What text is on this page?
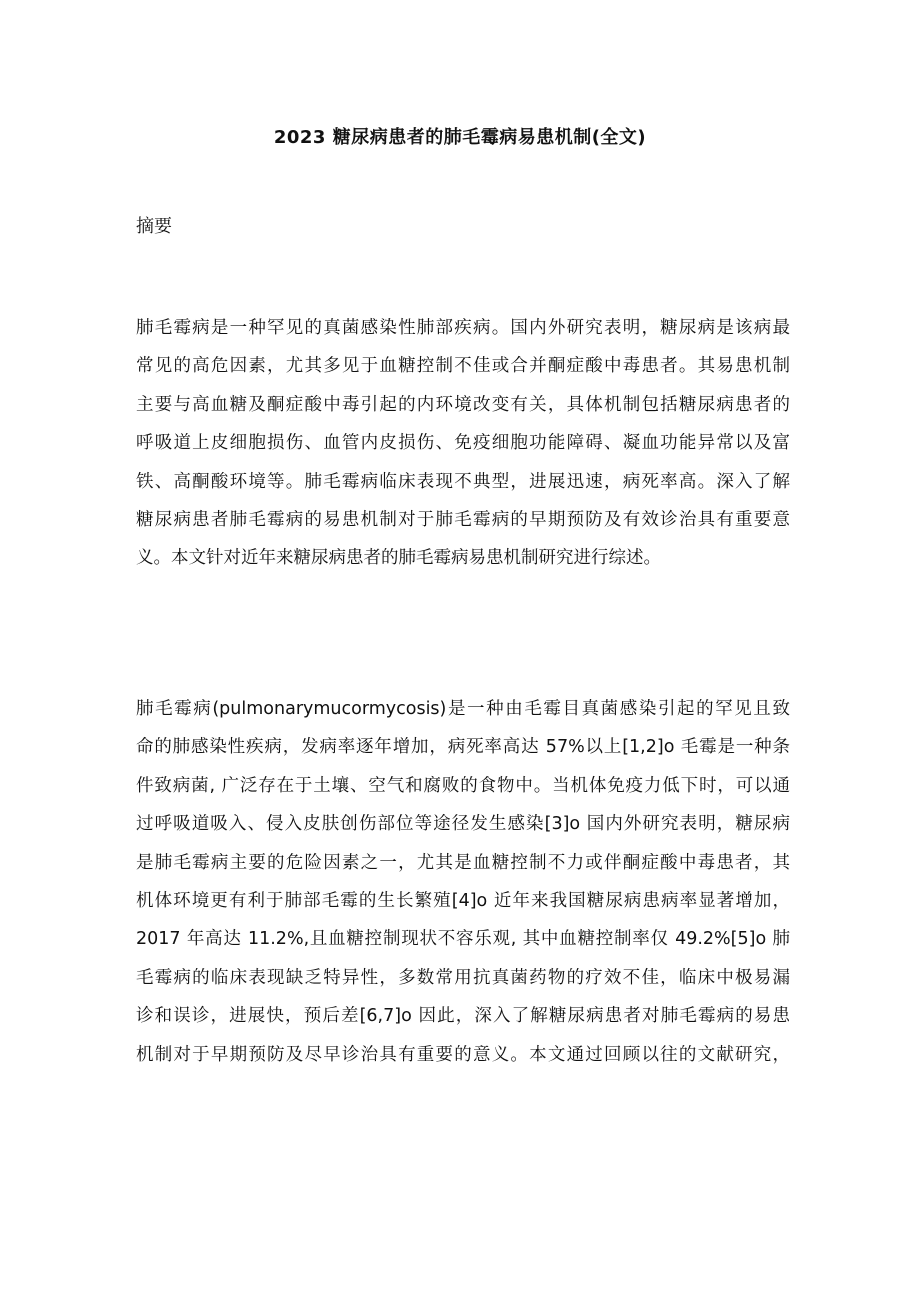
2023 糖尿病患者的肺毛霉病易患机制(全文)
摘要
肺毛霉病是一种罕见的真菌感染性肺部疾病。国内外研究表明，糖尿病是该病最
常见的高危因素，尤其多见于血糖控制不佳或合并酮症酸中毒患者。其易患机制
主要与高血糖及酮症酸中毒引起的内环境改变有关，具体机制包括糖尿病患者的
呼吸道上皮细胞损伤、血管内皮损伤、免疫细胞功能障碍、凝血功能异常以及富
铁、高酮酸环境等。肺毛霉病临床表现不典型，进展迅速，病死率高。深入了解
糖尿病患者肺毛霉病的易患机制对于肺毛霉病的早期预防及有效诊治具有重要意
义。本文针对近年来糖尿病患者的肺毛霉病易患机制研究进行综述。
肺毛霉病(pulmonarymucormycosis)是一种由毛霉目真菌感染引起的罕见且致
命的肺感染性疾病，发病率逐年增加，病死率高达 57%以上[1,2]o 毛霉是一种条
件致病菌, 广泛存在于土壤、空气和腐败的食物中。当机体免疫力低下时，可以通
过呼吸道吸入、侵入皮肤创伤部位等途径发生感染[3]o 国内外研究表明，糖尿病
是肺毛霉病主要的危险因素之一，尤其是血糖控制不力或伴酮症酸中毒患者，其
机体环境更有利于肺部毛霉的生长繁殖[4]o 近年来我国糖尿病患病率显著增加，
2017 年高达 11.2%,且血糖控制现状不容乐观, 其中血糖控制率仅 49.2%[5]o 肺
毛霉病的临床表现缺乏特异性，多数常用抗真菌药物的疗效不佳，临床中极易漏
诊和误诊，进展快，预后差[6,7]o 因此，深入了解糖尿病患者对肺毛霉病的易患
机制对于早期预防及尽早诊治具有重要的意义。本文通过回顾以往的文献研究，
